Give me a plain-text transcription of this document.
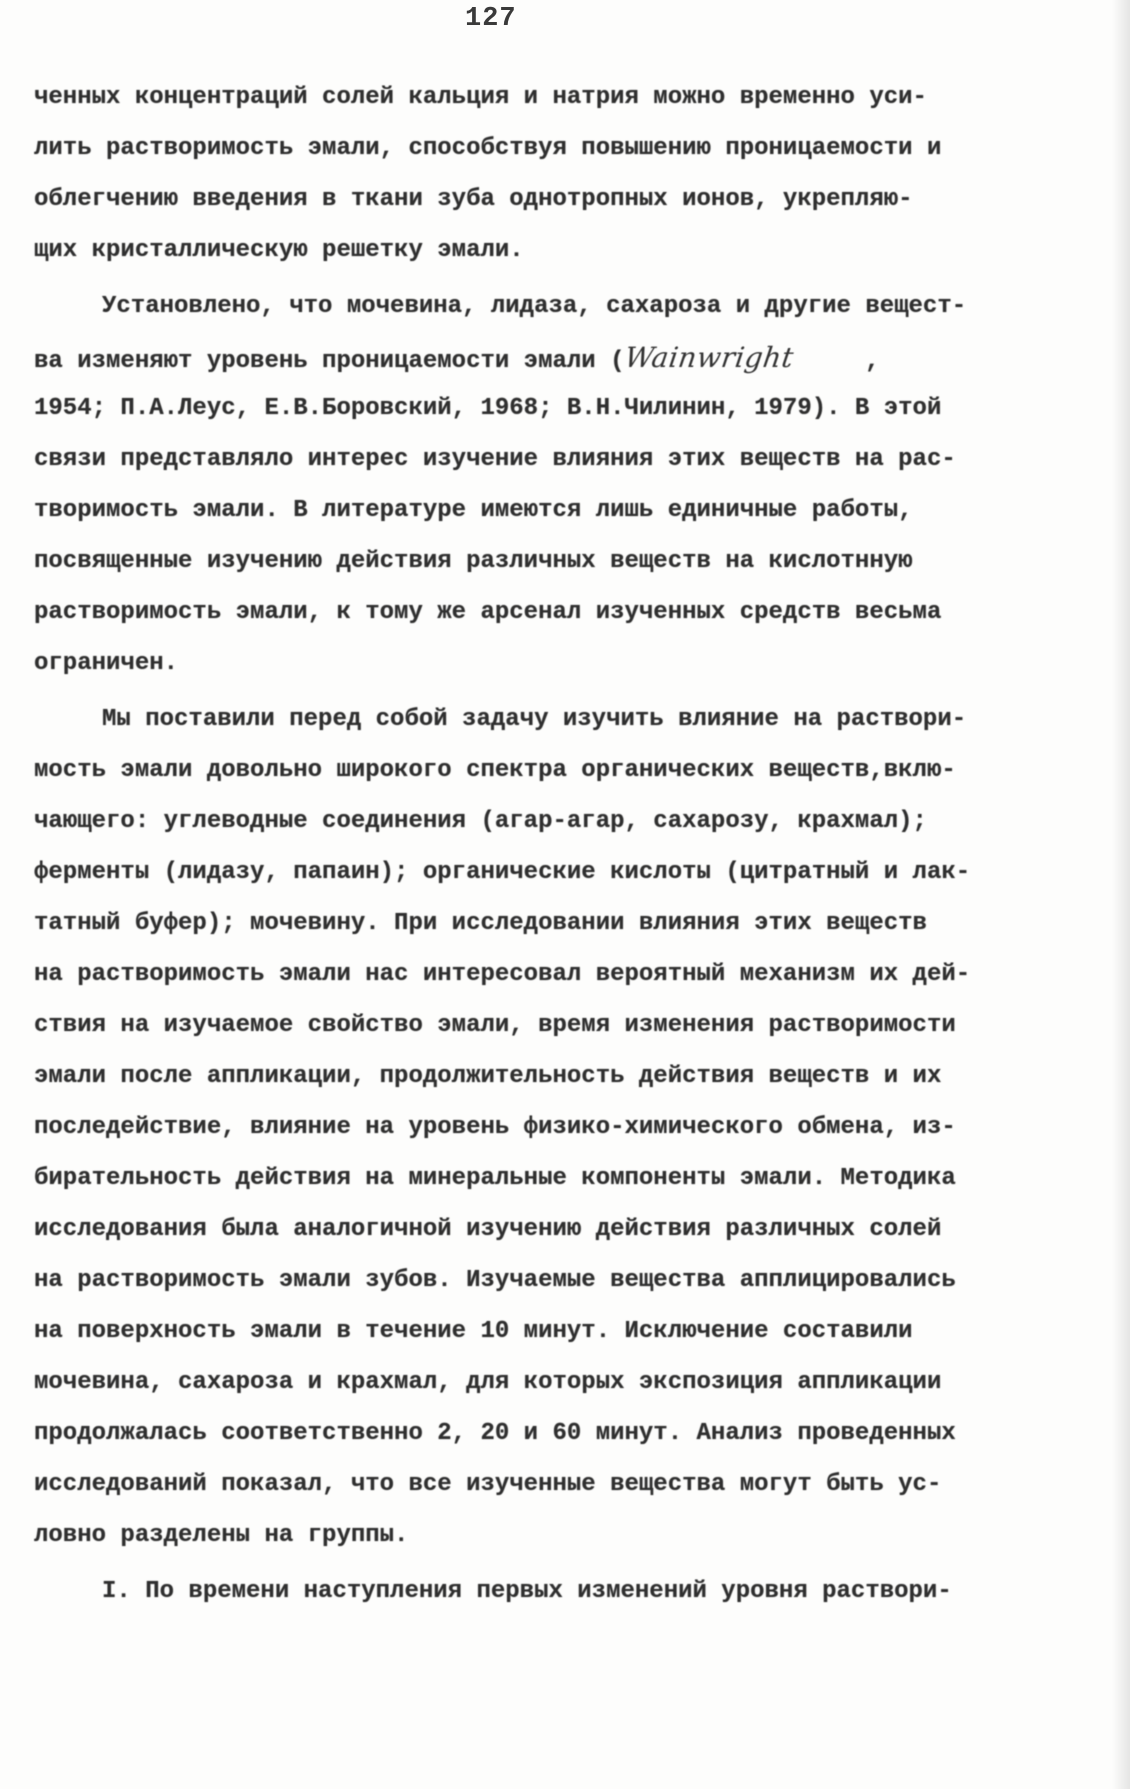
127
ченных концентраций солей кальция и натрия можно временно уси-
лить растворимость эмали, способствуя повышению проницаемости и
облегчению введения в ткани зуба однотропных ионов, укрепляю-
щих кристаллическую решетку эмали.
Установлено, что мочевина, лидаза, сахароза и другие вещест-
ва изменяют уровень проницаемости эмали (Wainwright	,
1954; П.А.Леус, Е.В.Боровский, 1968; В.Н.Чилинин, 1979). В этой
связи представляло интерес изучение влияния этих веществ на рас-
творимость эмали. В литературе имеются лишь единичные работы,
посвященные изучению действия различных веществ на кислотнную
растворимость эмали, к тому же арсенал изученных средств весьма
ограничен.
Мы поставили перед собой задачу изучить влияние на раствори-
мость эмали довольно широкого спектра органических веществ,вклю-
чающего: углеводные соединения (агар-агар, сахарозу, крахмал);
ферменты (лидазу, папаин); органические кислоты (цитратный и лак-
татный буфер); мочевину. При исследовании влияния этих веществ
на растворимость эмали нас интересовал вероятный механизм их дей-
ствия на изучаемое свойство эмали, время изменения растворимости
эмали после аппликации, продолжительность действия веществ и их
последействие, влияние на уровень физико-химического обмена, из-
бирательность действия на минеральные компоненты эмали. Методика
исследования была аналогичной изучению действия различных солей
на растворимость эмали зубов. Изучаемые вещества апплицировались
на поверхность эмали в течение 10 минут. Исключение составили
мочевина, сахароза и крахмал, для которых экспозиция аппликации
продолжалась соответственно 2, 20 и 60 минут. Анализ проведенных
исследований показал, что все изученные вещества могут быть ус-
ловно разделены на группы.
I. По времени наступления первых изменений уровня раствори-
